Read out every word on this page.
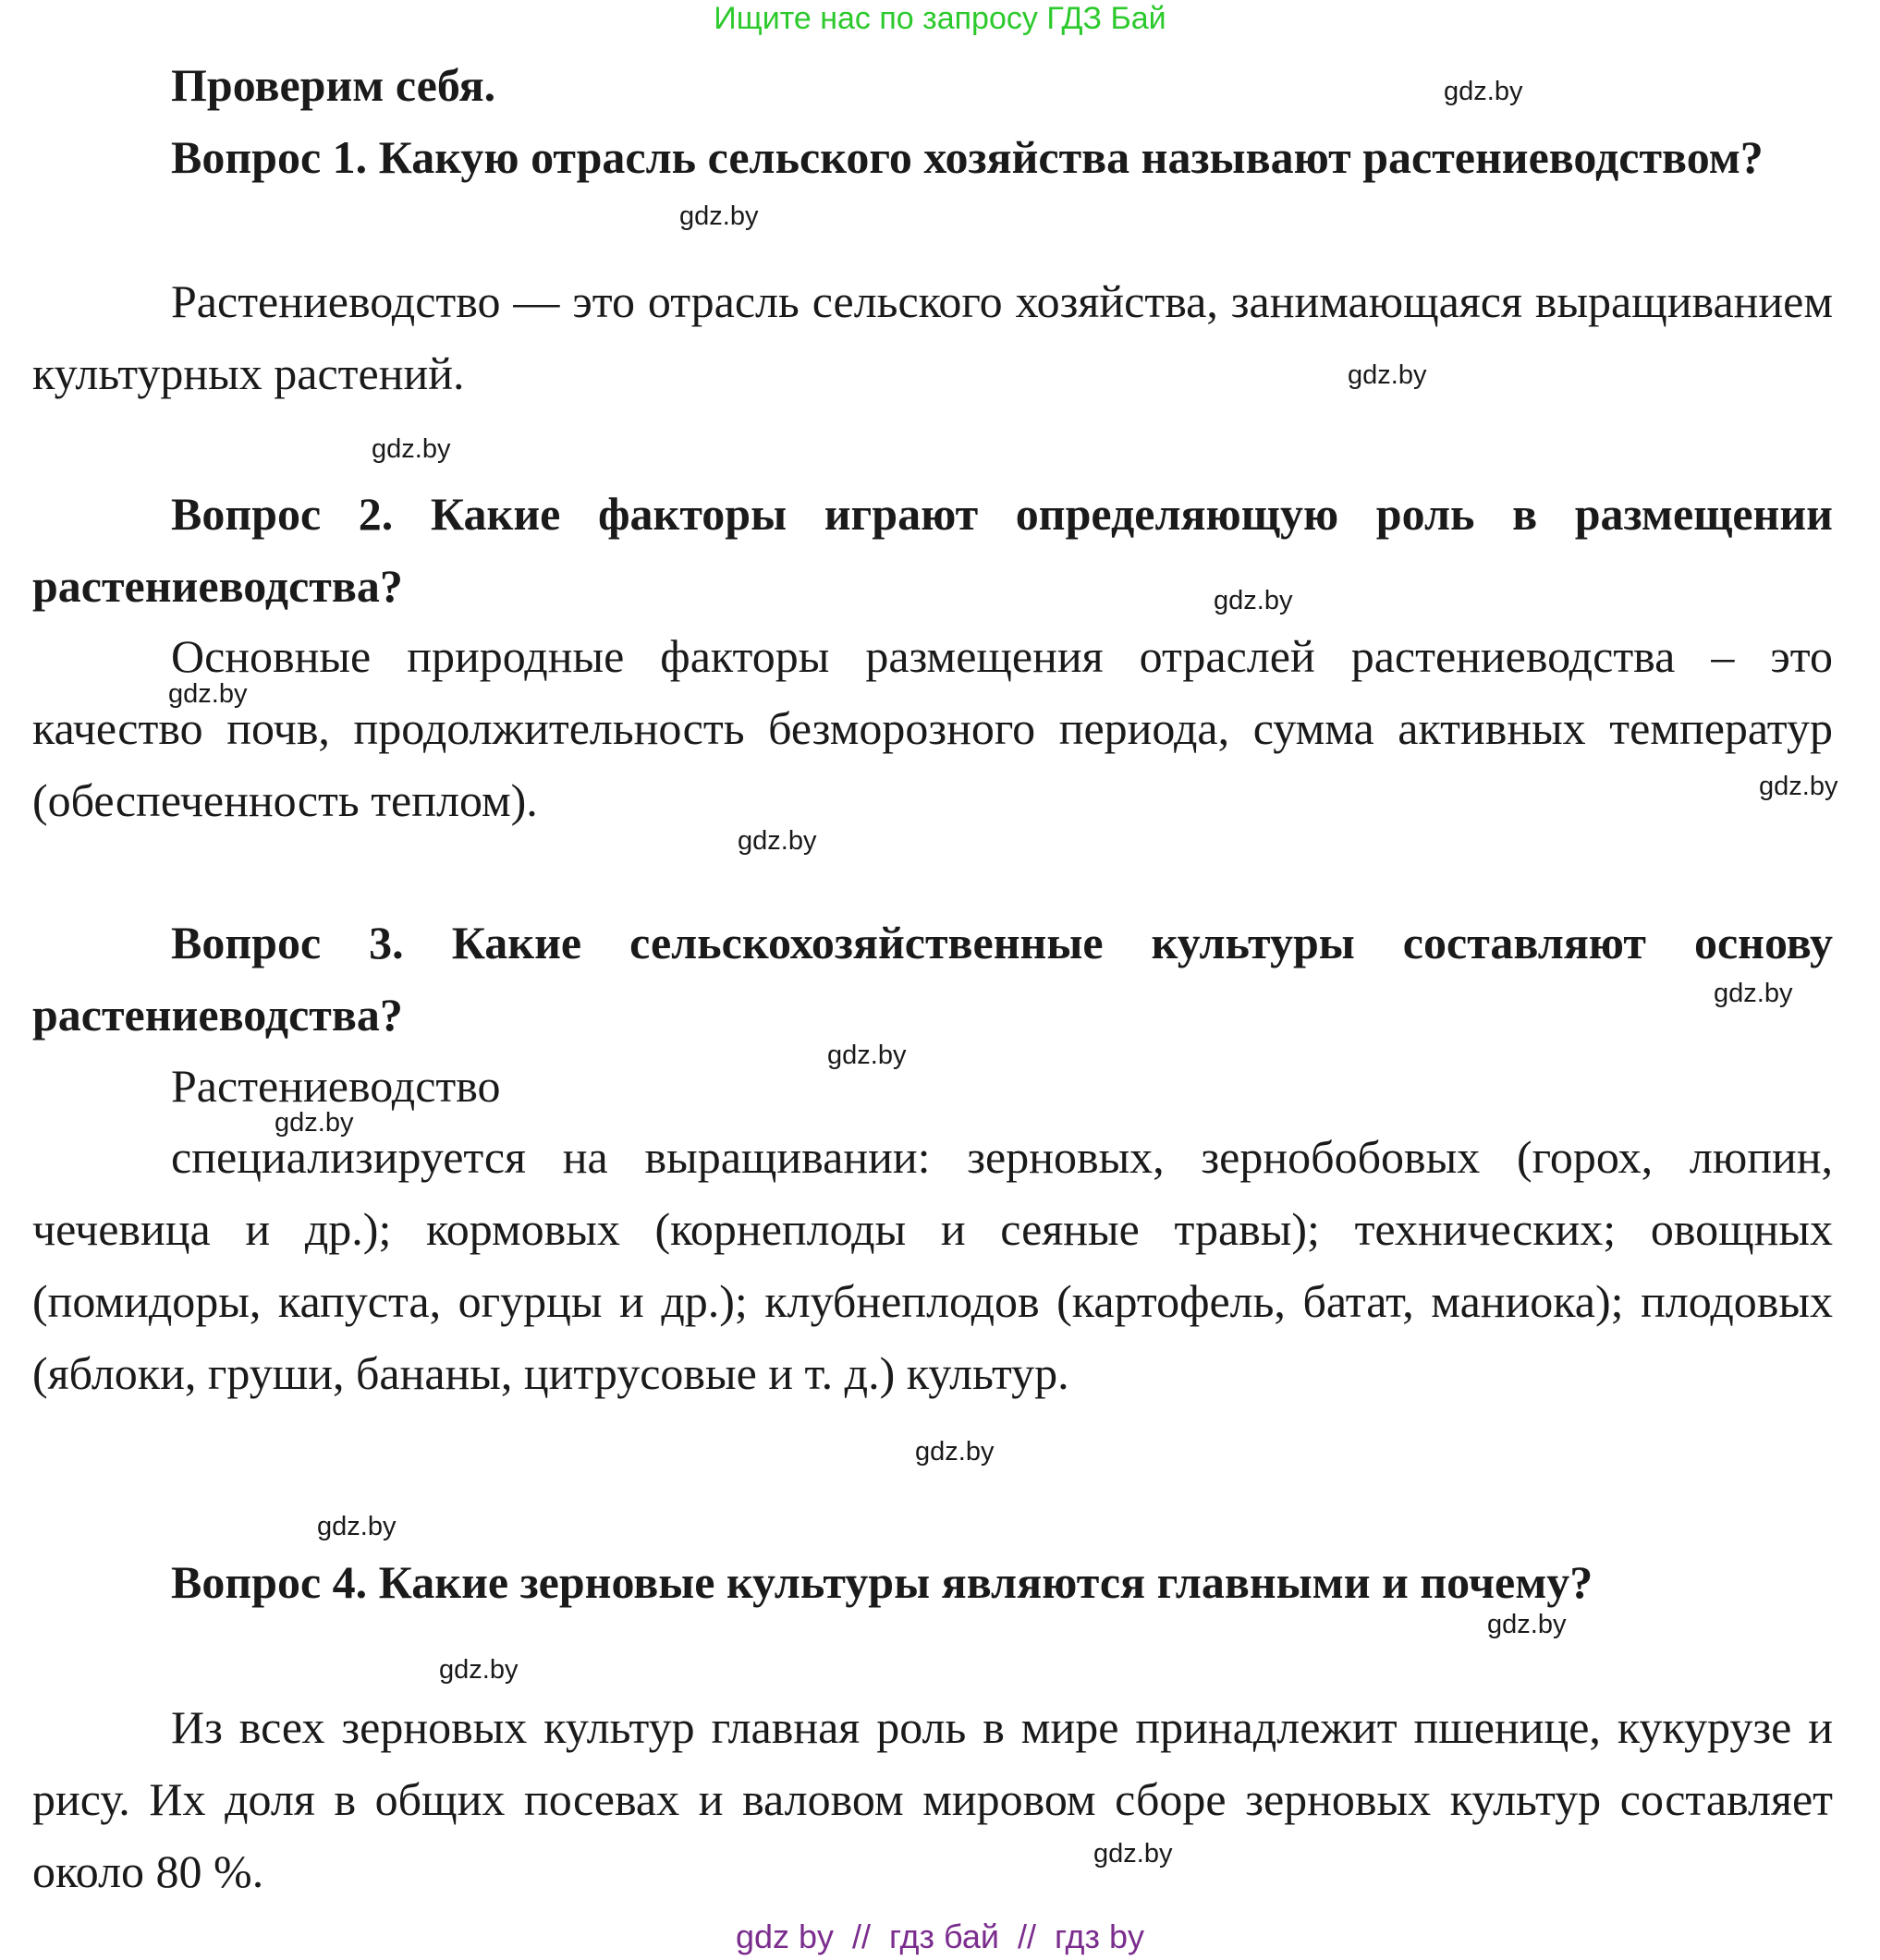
Ищите нас по запросу ГДЗ Бай
Проверим себя.
Вопрос 1. Какую отрасль сельского хозяйства называют растениеводством?
Растениеводство — это отрасль сельского хозяйства, занимающаяся выращиванием культурных растений.
Вопрос 2. Какие факторы играют определяющую роль в размещении растениеводства?
Основные природные факторы размещения отраслей растениеводства – это качество почв, продолжительность безморозного периода, сумма активных температур (обеспеченность теплом).
Вопрос 3. Какие сельскохозяйственные культуры составляют основу растениеводства?
Растениеводство
специализируется на выращивании: зерновых, зернобобовых (горох, люпин, чечевица и др.); кормовых (корнеплоды и сеяные травы); технических; овощных (помидоры, капуста, огурцы и др.); клубнеплодов (картофель, батат, маниока); плодовых (яблоки, груши, бананы, цитрусовые и т. д.) культур.
Вопрос 4. Какие зерновые культуры являются главными и почему?
Из всех зерновых культур главная роль в мире принадлежит пшенице, кукурузе и рису. Их доля в общих посевах и валовом мировом сборе зерновых культур составляет около 80 %.
gdz.by
gdz.by
gdz.by
gdz.by
gdz.by
gdz.by
gdz.by
gdz.by
gdz.by
gdz.by
gdz.by
gdz.by
gdz.by
gdz.by
gdz.by
gdz.by
gdz by  //  гдз бай  //  гдз by
